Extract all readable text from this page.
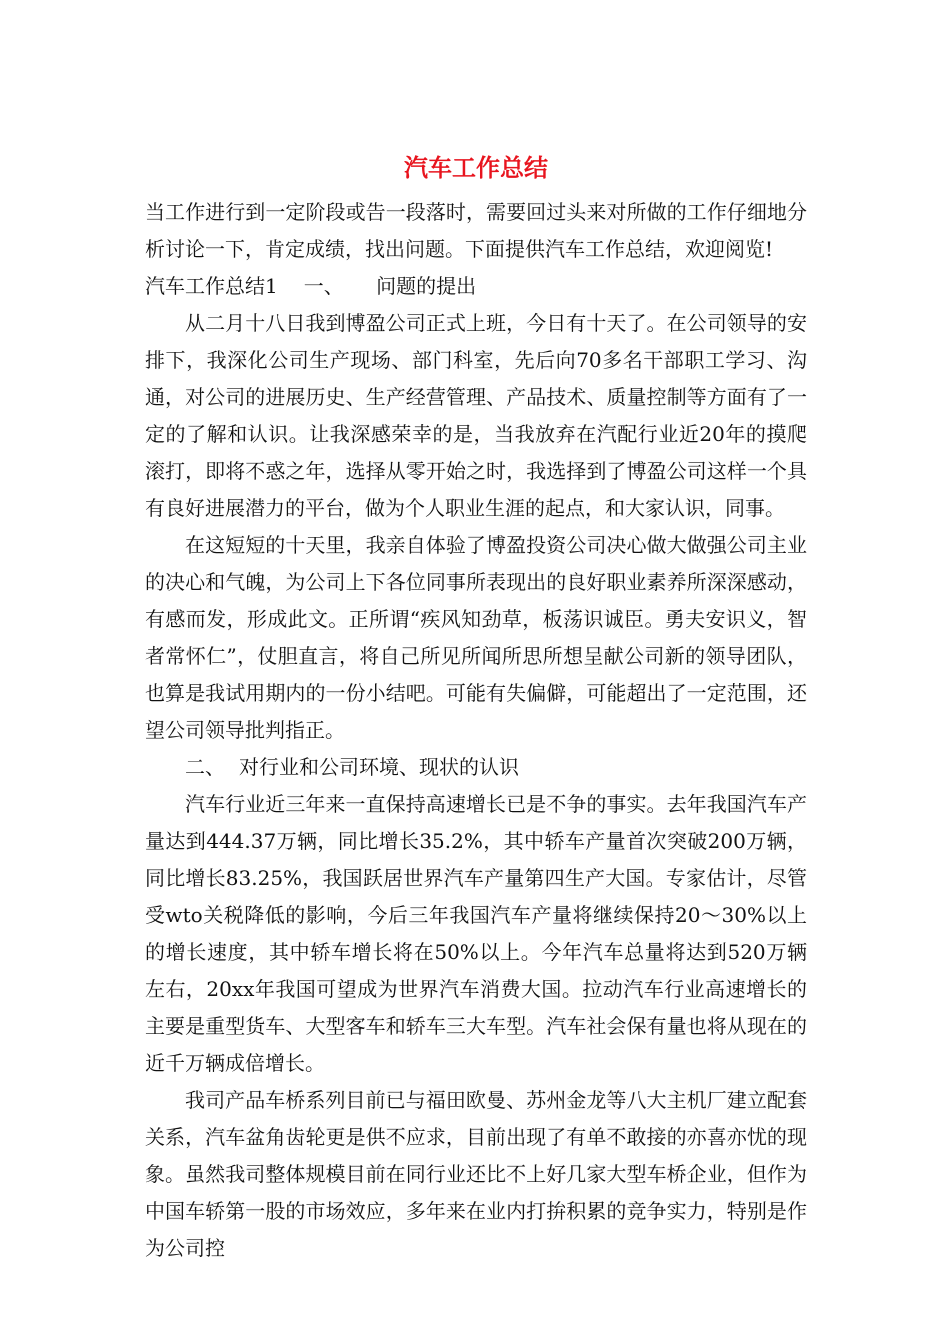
汽车工作总结

当工作进行到一定阶段或告一段落时，需要回过头来对所做的工作仔细地分析讨论一下，肯定成绩，找出问题。下面提供汽车工作总结，欢迎阅览!

汽车工作总结1 一、 问题的提出

从二月十八日我到博盈公司正式上班，今日有十天了。在公司领导的安排下，我深化公司生产现场、部门科室，先后向70多名干部职工学习、沟通，对公司的进展历史、生产经营管理、产品技术、质量控制等方面有了一定的了解和认识。让我深感荣幸的是，当我放弃在汽配行业近20年的摸爬滚打，即将不惑之年，选择从零开始之时，我选择到了博盈公司这样一个具有良好进展潜力的平台，做为个人职业生涯的起点，和大家认识，同事。

在这短短的十天里，我亲自体验了博盈投资公司决心做大做强公司主业的决心和气魄，为公司上下各位同事所表现出的良好职业素养所深深感动，有感而发，形成此文。正所谓“疾风知劲草，板荡识诚臣。勇夫安识义，智者常怀仁”，仗胆直言，将自己所见所闻所思所想呈献公司新的领导团队，也算是我试用期内的一份小结吧。可能有失偏僻，可能超出了一定范围，还望公司领导批判指正。

二、 对行业和公司环境、现状的认识

汽车行业近三年来一直保持高速增长已是不争的事实。去年我国汽车产量达到444.37万辆，同比增长35.2%，其中轿车产量首次突破200万辆，同比增长83.25%，我国跃居世界汽车产量第四生产大国。专家估计，尽管受wto关税降低的影响，今后三年我国汽车产量将继续保持20～30%以上的增长速度，其中轿车增长将在50%以上。今年汽车总量将达到520万辆左右，20xx年我国可望成为世界汽车消费大国。拉动汽车行业高速增长的主要是重型货车、大型客车和轿车三大车型。汽车社会保有量也将从现在的近千万辆成倍增长。

我司产品车桥系列目前已与福田欧曼、苏州金龙等八大主机厂建立配套关系，汽车盆角齿轮更是供不应求，目前出现了有单不敢接的亦喜亦忧的现象。虽然我司整体规模目前在同行业还比不上好几家大型车桥企业，但作为中国车轿第一股的市场效应，多年来在业内打拚积累的竞争实力，特别是作为公司控
